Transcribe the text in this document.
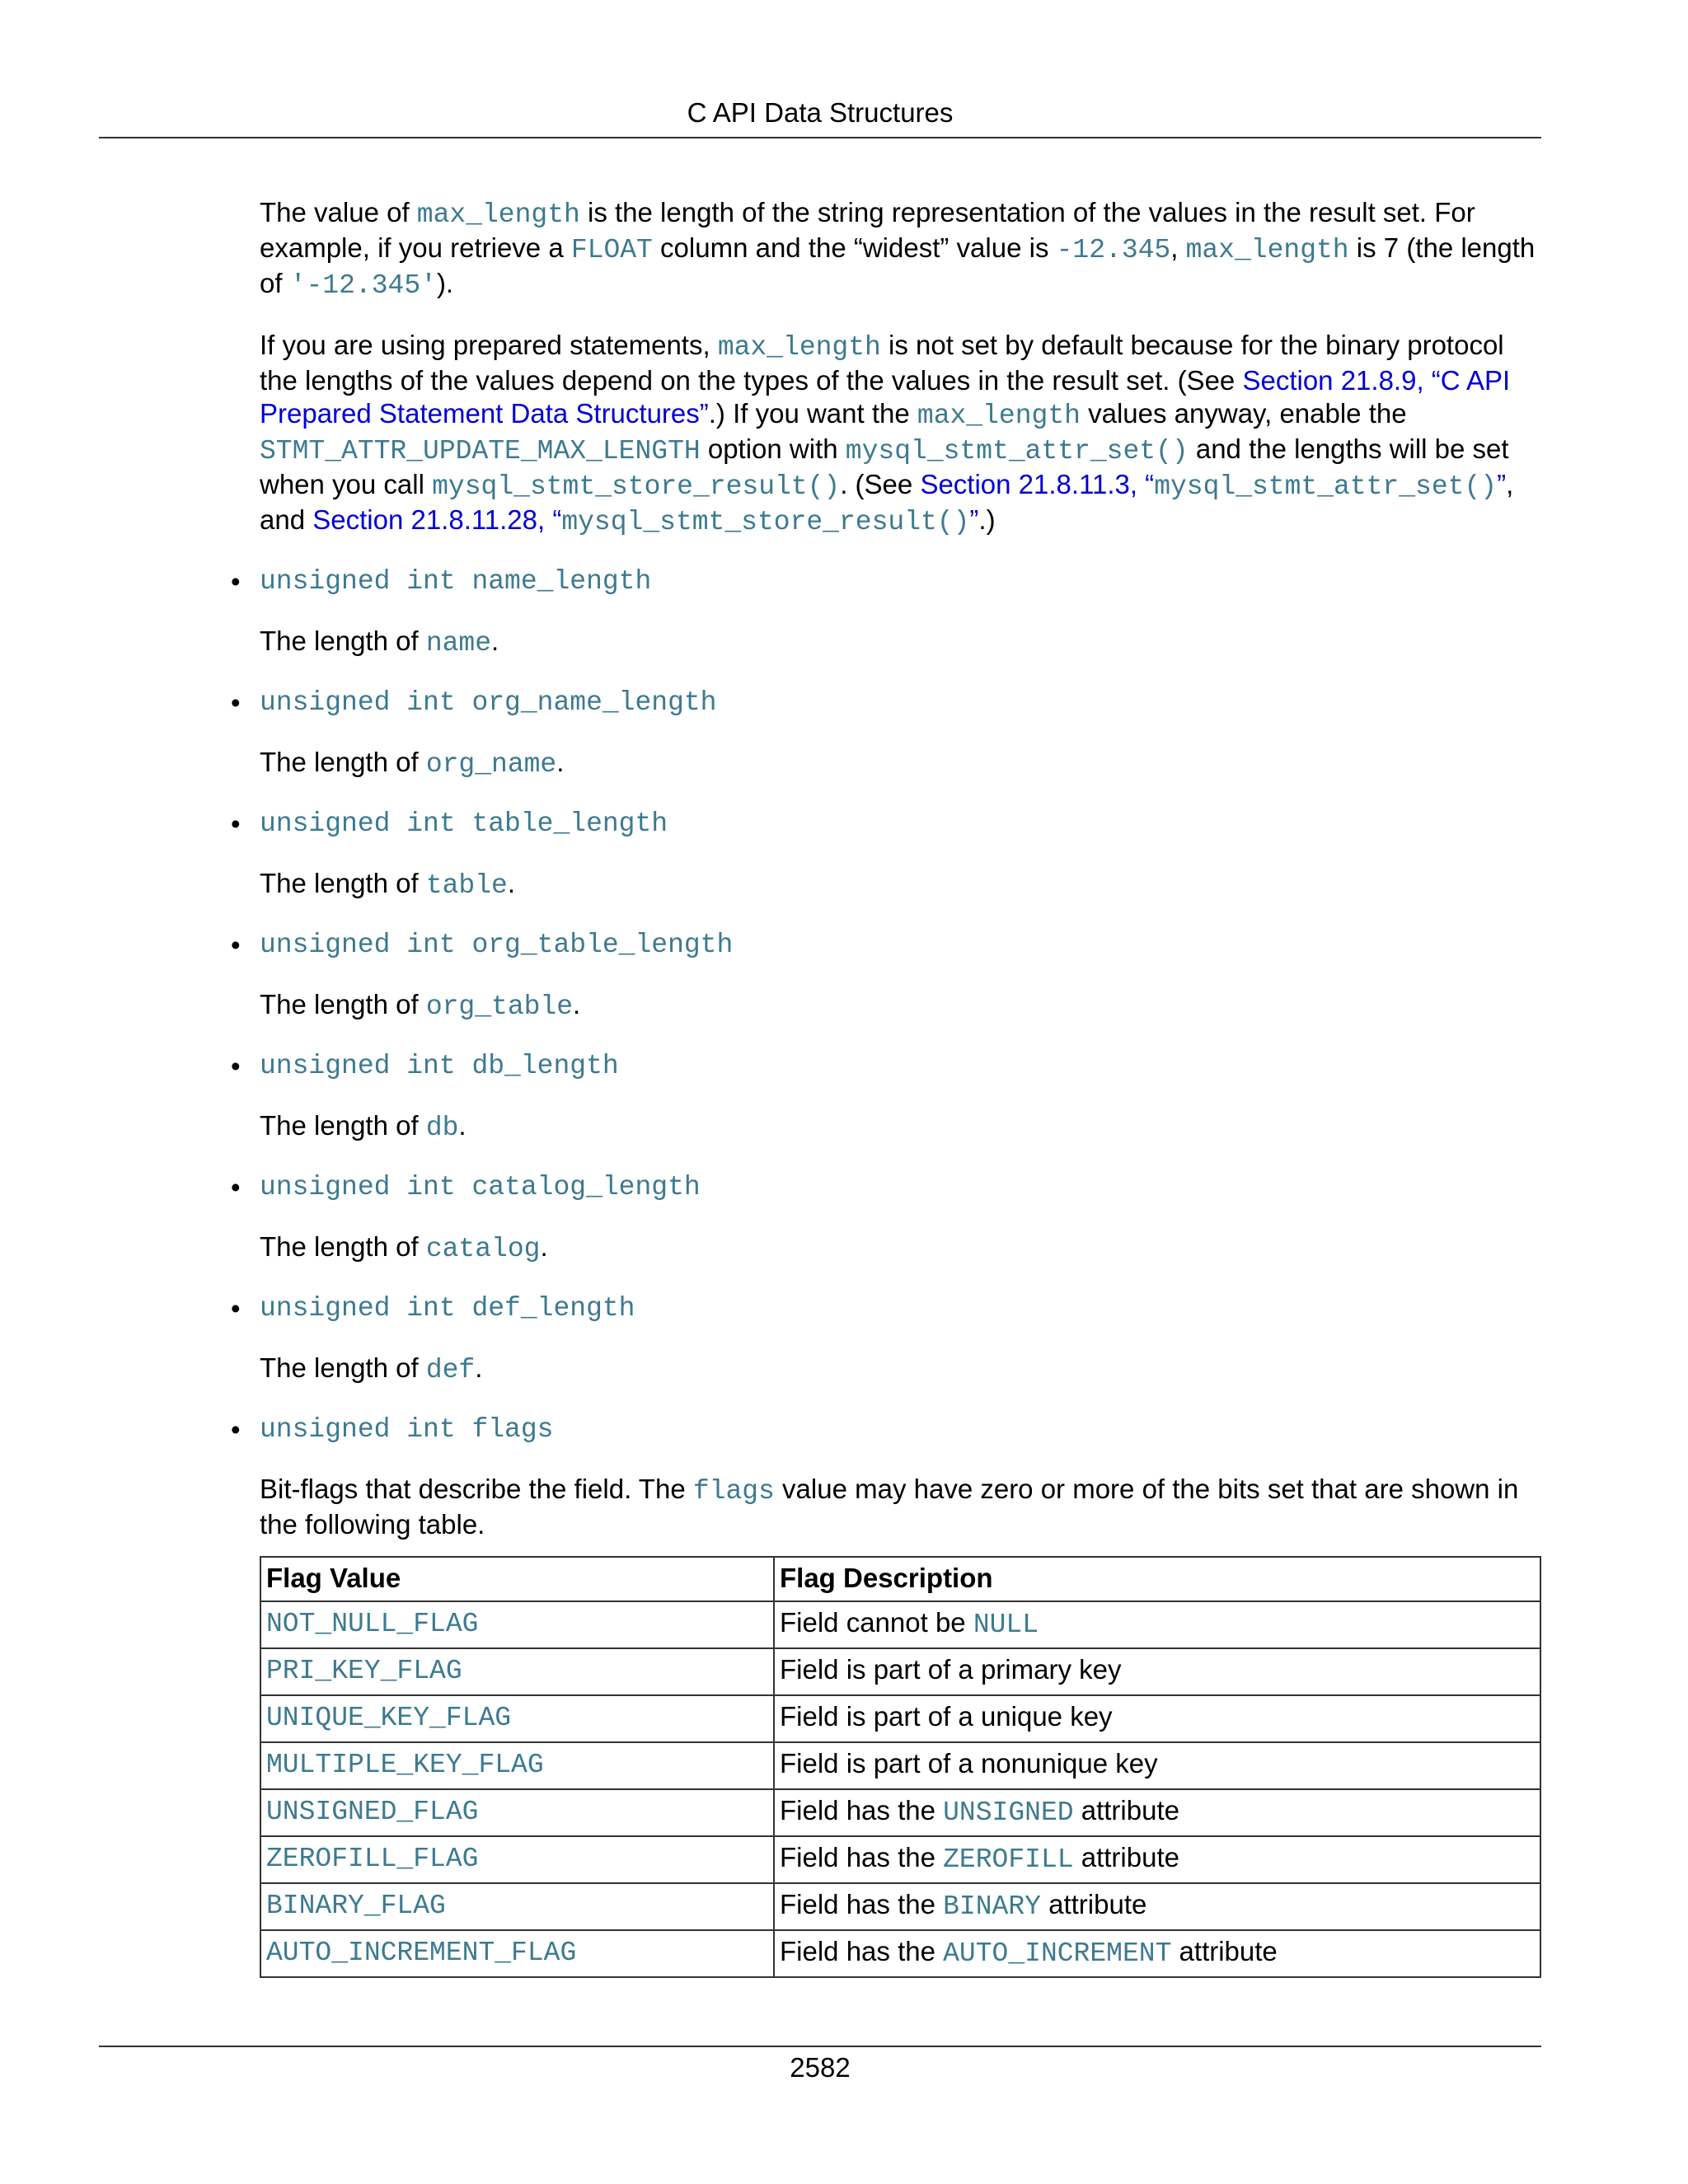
C API Data Structures

The value of max_length is the length of the string representation of the values in the result set. For example, if you retrieve a FLOAT column and the “widest” value is -12.345, max_length is 7 (the length of '-12.345').

If you are using prepared statements, max_length is not set by default because for the binary protocol the lengths of the values depend on the types of the values in the result set. (See Section 21.8.9, “C API Prepared Statement Data Structures”.) If you want the max_length values anyway, enable the STMT_ATTR_UPDATE_MAX_LENGTH option with mysql_stmt_attr_set() and the lengths will be set when you call mysql_stmt_store_result(). (See Section 21.8.11.3, “mysql_stmt_attr_set()”, and Section 21.8.11.28, “mysql_stmt_store_result()”.)

• unsigned int name_length
The length of name.
• unsigned int org_name_length
The length of org_name.
• unsigned int table_length
The length of table.
• unsigned int org_table_length
The length of org_table.
• unsigned int db_length
The length of db.
• unsigned int catalog_length
The length of catalog.
• unsigned int def_length
The length of def.
• unsigned int flags
Bit-flags that describe the field. The flags value may have zero or more of the bits set that are shown in the following table.
Flag Value	Flag Description
NOT_NULL_FLAG	Field cannot be NULL
PRI_KEY_FLAG	Field is part of a primary key
UNIQUE_KEY_FLAG	Field is part of a unique key
MULTIPLE_KEY_FLAG	Field is part of a nonunique key
UNSIGNED_FLAG	Field has the UNSIGNED attribute
ZEROFILL_FLAG	Field has the ZEROFILL attribute
BINARY_FLAG	Field has the BINARY attribute
AUTO_INCREMENT_FLAG	Field has the AUTO_INCREMENT attribute
2582
